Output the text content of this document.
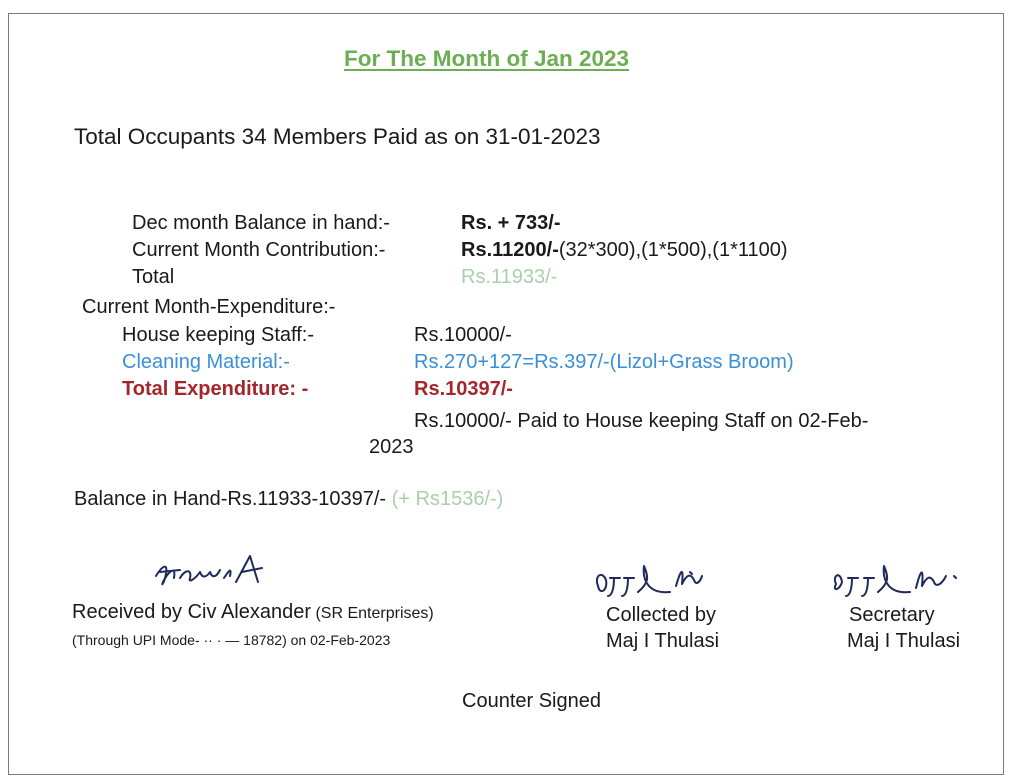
For The Month of Jan 2023
Total Occupants 34 Members Paid as on 31-01-2023
Dec month Balance in hand:-	Rs. + 733/-
Current Month Contribution:-	Rs.11200/-(32*300),(1*500),(1*1100)
Total	Rs.11933/-
Current Month-Expenditure:-
House keeping Staff:-	Rs.10000/-
Cleaning Material:-	Rs.270+127=Rs.397/-(Lizol+Grass Broom)
Total Expenditure: -	Rs.10397/-
Rs.10000/- Paid to House keeping Staff on 02-Feb-
2023
Balance in Hand-Rs.11933-10397/- (+ Rs1536/-)
Received by Civ Alexander (SR Enterprises)
(Through UPI Mode- ·· · — 18782) on 02-Feb-2023
Collected by
Maj I Thulasi
Secretary
Maj I Thulasi
Counter Signed
